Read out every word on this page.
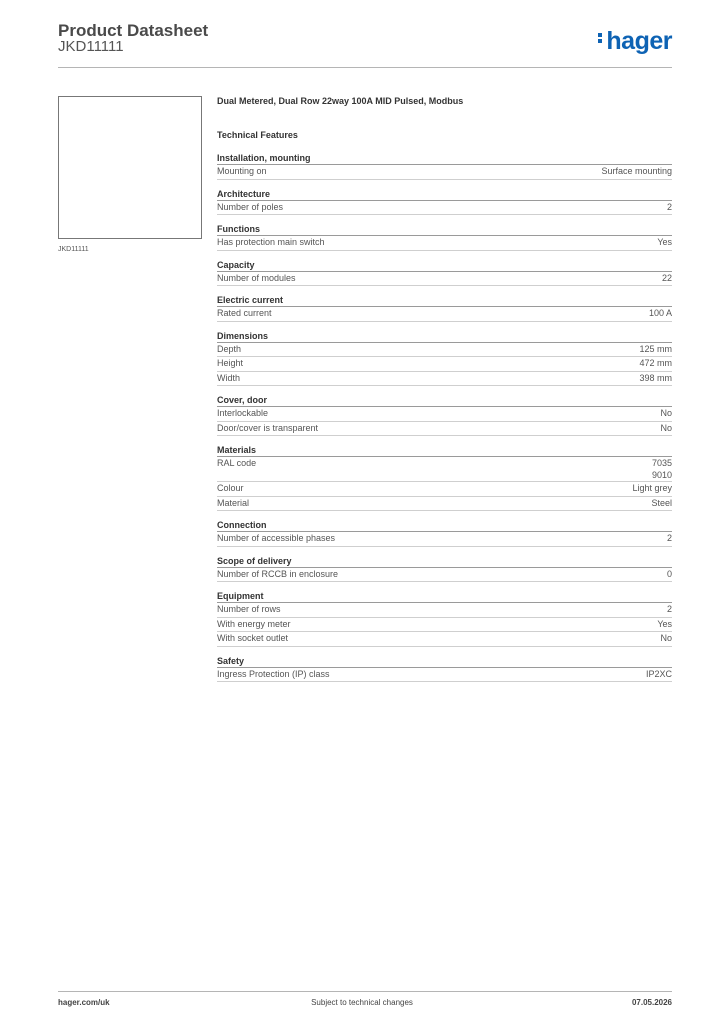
Product Datasheet
JKD11111	hager
JKD11111
Dual Metered, Dual Row 22way 100A MID Pulsed, Modbus
Technical Features
Installation, mounting
Mounting on	Surface mounting
Architecture
Number of poles	2
Functions
Has protection main switch	Yes
Capacity
Number of modules	22
Electric current
Rated current	100 A
Dimensions
Depth	125 mm
Height	472 mm
Width	398 mm
Cover, door
Interlockable	No
Door/cover is transparent	No
Materials
RAL code	7035
9010
Colour	Light grey
Material	Steel
Connection
Number of accessible phases	2
Scope of delivery
Number of RCCB in enclosure	0
Equipment
Number of rows	2
With energy meter	Yes
With socket outlet	No
Safety
Ingress Protection (IP) class	IP2XC
hager.com/uk	Subject to technical changes	07.05.2026
